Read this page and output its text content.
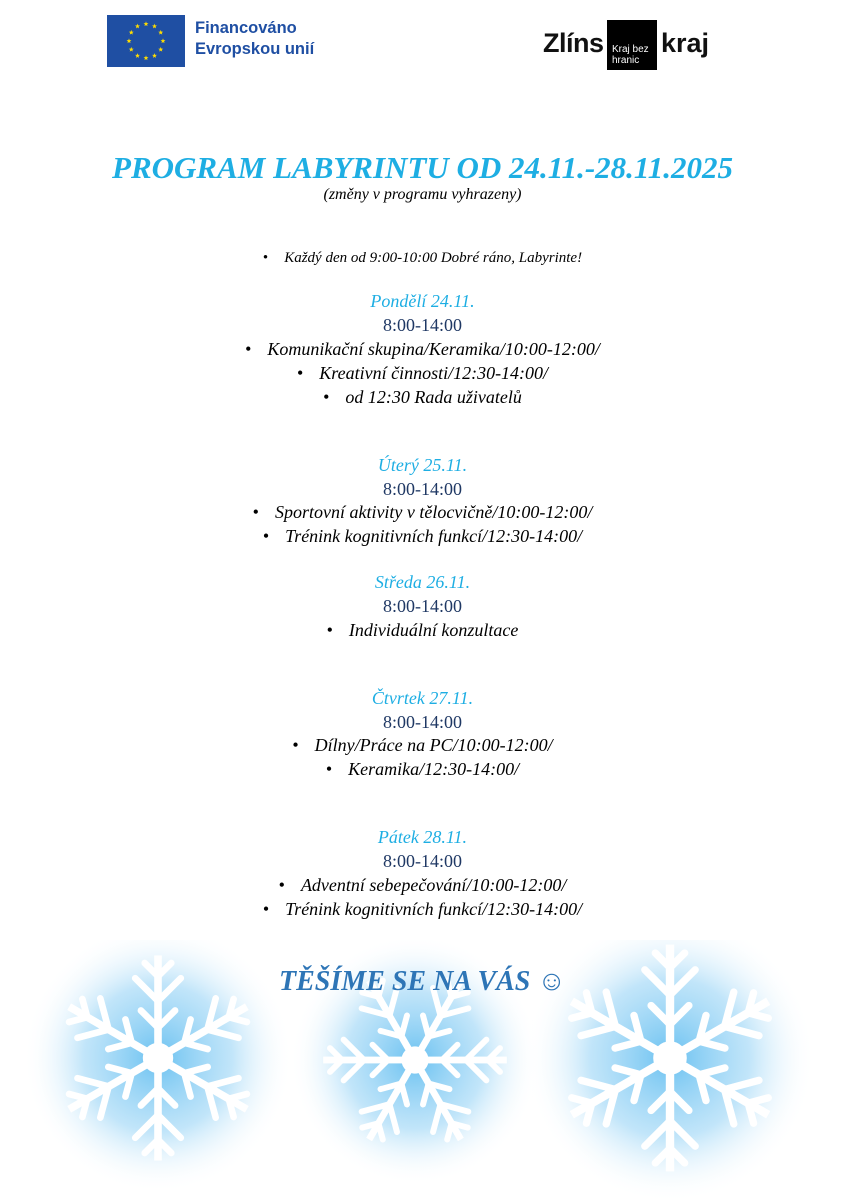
Financováno
Evropskou unií	Zlíns Kraj bez
hranic
kraj
PROGRAM LABYRINTU OD 24.11.-28.11.2025
(změny v programu vyhrazeny)
• Každý den od 9:00-10:00 Dobré ráno, Labyrinte!
Pondělí 24.11.
8:00-14:00
• Komunikační skupina/Keramika/10:00-12:00/
• Kreativní činnosti/12:30-14:00/
• od 12:30 Rada uživatelů
Úterý 25.11.
8:00-14:00
• Sportovní aktivity v tělocvičně/10:00-12:00/
• Trénink kognitivních funkcí/12:30-14:00/
Středa 26.11.
8:00-14:00
• Individuální konzultace
Čtvrtek 27.11.
8:00-14:00
• Dílny/Práce na PC/10:00-12:00/
• Keramika/12:30-14:00/
Pátek 28.11.
8:00-14:00
• Adventní sebepečování/10:00-12:00/
• Trénink kognitivních funkcí/12:30-14:00/
TĚŠÍME SE NA VÁS ☺
